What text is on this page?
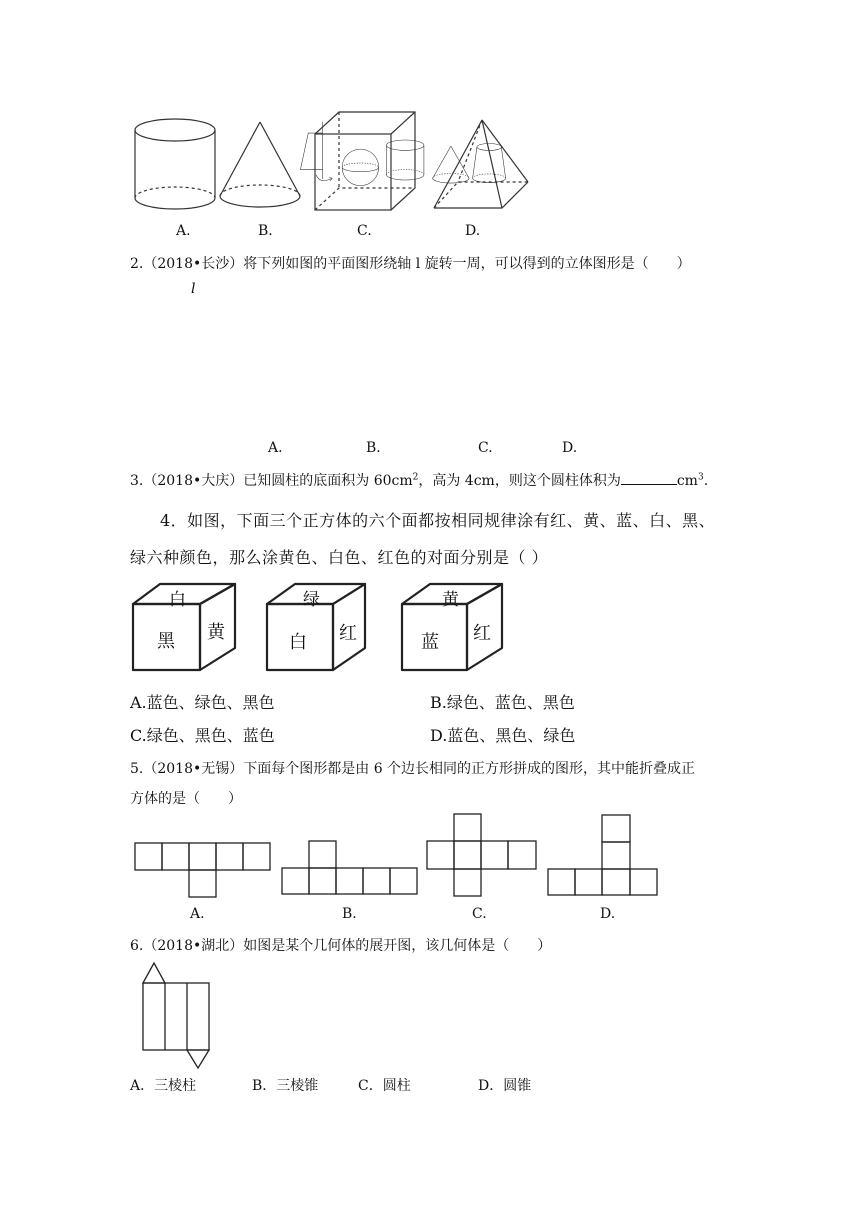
A.	B.	C.	D.
2.（2018•长沙）将下列如图的平面图形绕轴 l 旋转一周，可以得到的立体图形是（　　）
l
A.	B.	C.	D.
3.（2018•大庆）已知圆柱的底面积为 $60cm^2$，高为 4cm，则这个圆柱体积为	$cm^3$.
4．如图，下面三个正方体的六个面都按相同规律涂有红、黄、蓝、白、黑、
绿六种颜色，那么涂黄色、白色、红色的对面分别是（ ）
白
黑 黄
绿
白 红
黄
蓝 红
A.蓝色、绿色、黑色	B.绿色、蓝色、黑色
C.绿色、黑色、蓝色	D.蓝色、黑色、绿色
5.（2018•无锡）下面每个图形都是由 6 个边长相同的正方形拼成的图形，其中能折叠成正
方体的是（　　）
A.	B.	C.	D.
6.（2018•湖北）如图是某个几何体的展开图，该几何体是（　　）
A．三棱柱	B．三棱锥	C．圆柱	D．圆锥
